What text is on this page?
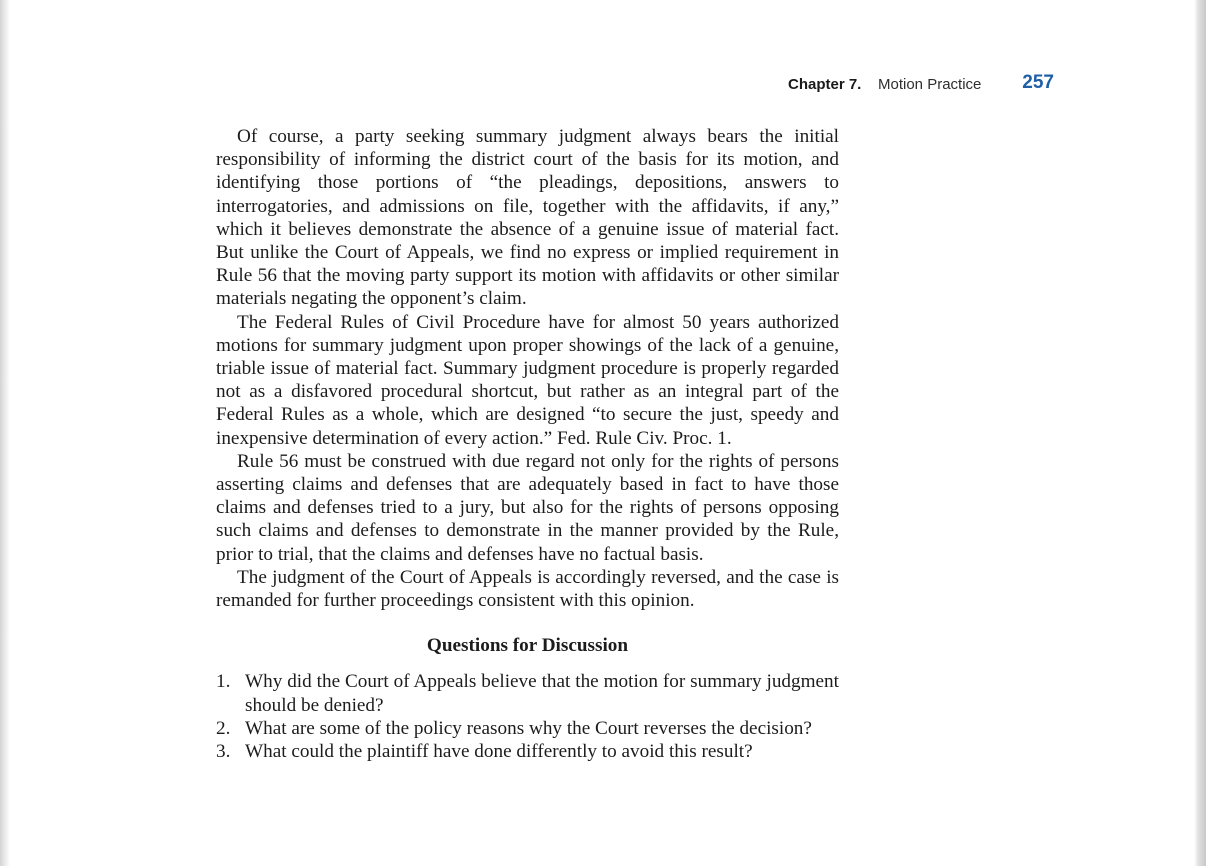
Chapter 7. Motion Practice 257

Of course, a party seeking summary judgment always bears the initial responsibility of informing the district court of the basis for its motion, and identifying those portions of “the pleadings, depositions, answers to interrogatories, and admissions on file, together with the affidavits, if any,” which it believes demonstrate the absence of a genuine issue of material fact. But unlike the Court of Appeals, we find no express or implied requirement in Rule 56 that the moving party support its motion with affidavits or other similar materials negating the opponent’s claim.

The Federal Rules of Civil Procedure have for almost 50 years authorized motions for summary judgment upon proper showings of the lack of a genuine, triable issue of material fact. Summary judgment procedure is properly regarded not as a disfavored procedural shortcut, but rather as an integral part of the Federal Rules as a whole, which are designed “to secure the just, speedy and inexpensive determination of every action.” Fed. Rule Civ. Proc. 1.

Rule 56 must be construed with due regard not only for the rights of persons asserting claims and defenses that are adequately based in fact to have those claims and defenses tried to a jury, but also for the rights of persons opposing such claims and defenses to demonstrate in the manner provided by the Rule, prior to trial, that the claims and defenses have no factual basis.

The judgment of the Court of Appeals is accordingly reversed, and the case is remanded for further proceedings consistent with this opinion.

Questions for Discussion
1. Why did the Court of Appeals believe that the motion for summary judgment should be denied?
2. What are some of the policy reasons why the Court reverses the decision?
3. What could the plaintiff have done differently to avoid this result?
